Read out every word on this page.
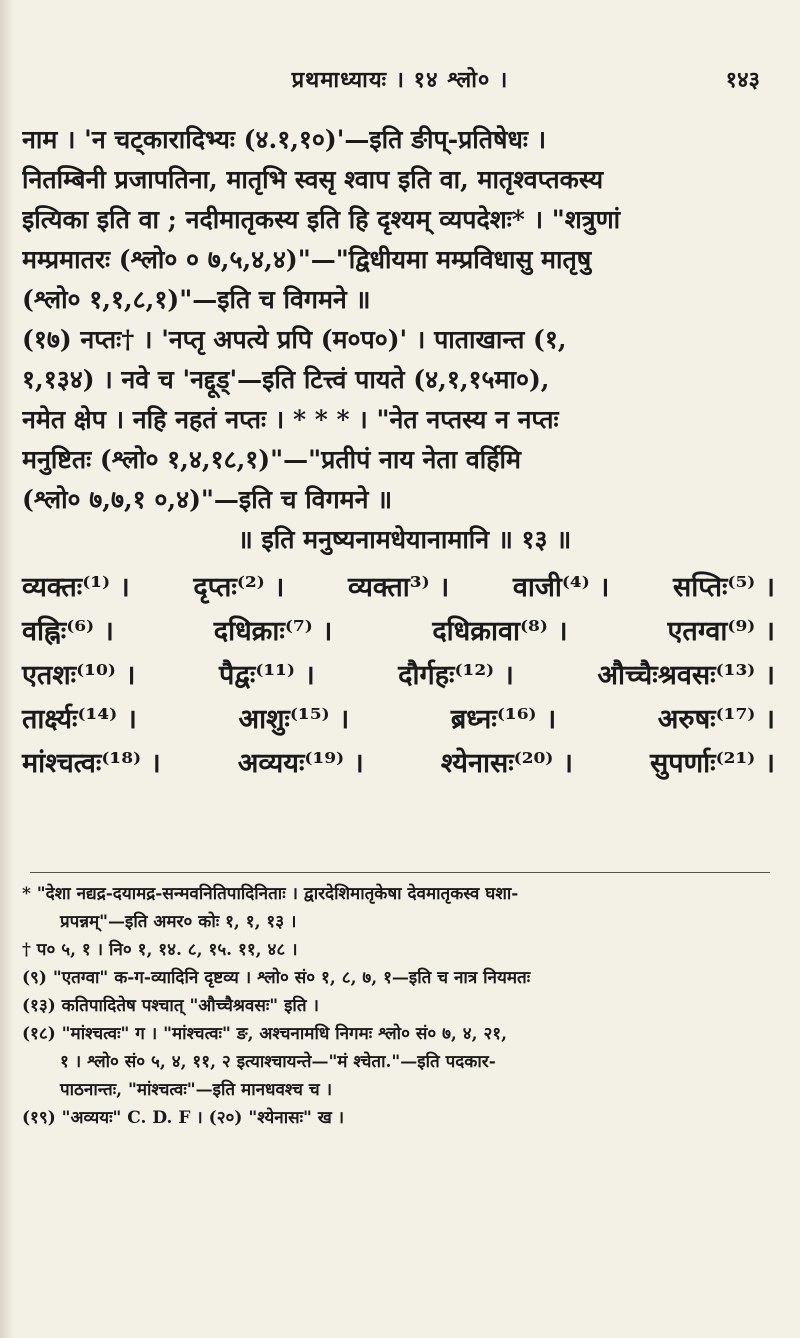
प्रथमाध्यायः । १४ श्लो० ।	१४३
नाम । 'न चट्कारादिभ्यः (४.१,१०)'—इति ङीप्-प्रतिषेधः ।
नितम्बिनी प्रजापतिना, मातृभि स्वसृ श्वाप इति वा, मातृश्वप्तकस्य
इत्यिका इति वा ; नदीमातृकस्य इति हि दृश्यम् व्यपदेशः* । "शत्रुणां
मम्प्रमातरः (श्लो० ० ७,५,४,४)"—"द्विधीयमा मम्प्रविधासु मातृषु
(श्लो० १,१,८,१)"—इति च विगमने ॥
(१७) नप्तः† । 'नप्तृ अपत्ये प्रपि (म०प०)' । पाताखान्त (१,
१,१३४) । नवे च 'नद्दूड्'—इति टित्त्वं पायते (४,१,१५मा०),
नमेत क्षेप । नहि नहतं नप्तः । * * * । "नेत नप्तस्य न नप्तः
मनुष्टितः (श्लो० १,४,१८,१)"—"प्रतीपं नाय नेता वर्हिमि
(श्लो० ७,७,१ ०,४)"—इति च विगमने ॥
॥ इति मनुष्यनामधेयानामानि ॥ १३ ॥
व्यक्तः⁽¹⁾ । दृप्तः⁽²⁾ । व्यक्ता³⁾ । वाजी⁽⁴⁾ । सप्तिः⁽⁵⁾ ।
वह्निः⁽⁶⁾ ।	दधिक्राः⁽⁷⁾ ।	दधिक्रावा⁽⁸⁾ ।	एतग्वा⁽⁹⁾ ।
एतशः⁽¹⁰⁾ ।	पैद्वः⁽¹¹⁾ ।	दौर्गहः⁽¹²⁾ ।	औच्चैःश्रवसः⁽¹³⁾ ।
तार्क्ष्यः⁽¹⁴⁾ ।	आशुः⁽¹⁵⁾ ।	ब्रध्नः⁽¹⁶⁾ ।	अरुषः⁽¹⁷⁾ ।
मांश्चत्वः⁽¹⁸⁾ ।	अव्ययः⁽¹⁹⁾ ।	श्येनासः⁽²⁰⁾ ।	सुपर्णाः⁽²¹⁾ ।
* "देशा नद्यद्र-दयामद्र-सन्मवनितिपादिनिताः । द्वारदेशिमातृकेषा देवमातृकस्व घशा-
प्रपन्नम्"—इति अमर० कोः १, १, १३ ।
† प० ५, १ । नि० १, १४. ८, १५. ११, ४८ ।
(९) "एतग्वा" क-ग-व्यादिनि दृष्टव्य । श्लो० सं० १, ८, ७, १—इति च नात्र नियमतः
(१३) कतिपादितेष पश्चात् "औच्चैश्रवसः" इति ।
(१८) "मांश्चत्वः" ग । "मांश्चत्वः" ङ, अश्चनामधि निगमः श्लो० सं० ७, ४, २१,
१ । श्लो० सं० ५, ४, ११, २ इत्याश्चायन्ते—"मं श्चेता."—इति पदकार-
पाठनान्तः, "मांश्चत्वः"—इति मानधवश्च च ।
(१९) "अव्ययः" C. D. F । (२०) "श्येनासः" ख ।
